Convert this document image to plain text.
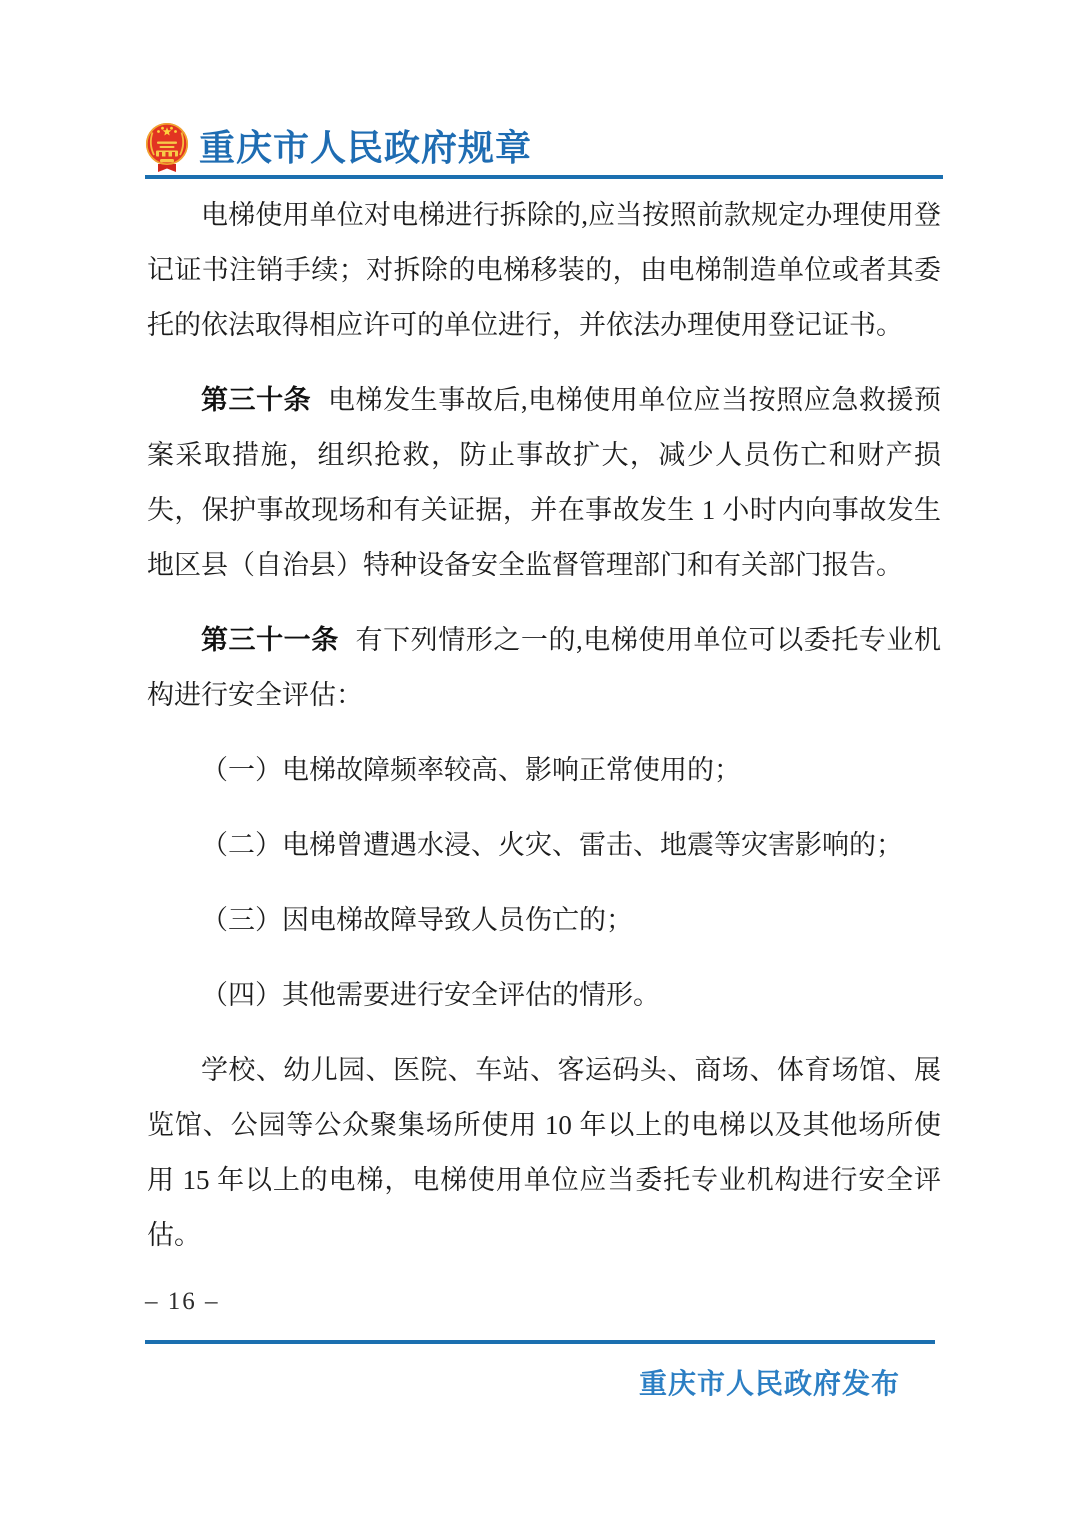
重庆市人民政府规章

电梯使用单位对电梯进行拆除的,应当按照前款规定办理使用登记证书注销手续；对拆除的电梯移装的，由电梯制造单位或者其委托的依法取得相应许可的单位进行，并依法办理使用登记证书。

第三十条 电梯发生事故后,电梯使用单位应当按照应急救援预案采取措施，组织抢救，防止事故扩大，减少人员伤亡和财产损失，保护事故现场和有关证据，并在事故发生 1 小时内向事故发生地区县（自治县）特种设备安全监督管理部门和有关部门报告。

第三十一条 有下列情形之一的,电梯使用单位可以委托专业机构进行安全评估：

（一）电梯故障频率较高、影响正常使用的；

（二）电梯曾遭遇水浸、火灾、雷击、地震等灾害影响的；

（三）因电梯故障导致人员伤亡的；

（四）其他需要进行安全评估的情形。

学校、幼儿园、医院、车站、客运码头、商场、体育场馆、展览馆、公园等公众聚集场所使用 10 年以上的电梯以及其他场所使用 15 年以上的电梯，电梯使用单位应当委托专业机构进行安全评估。

– 16 –
重庆市人民政府发布
